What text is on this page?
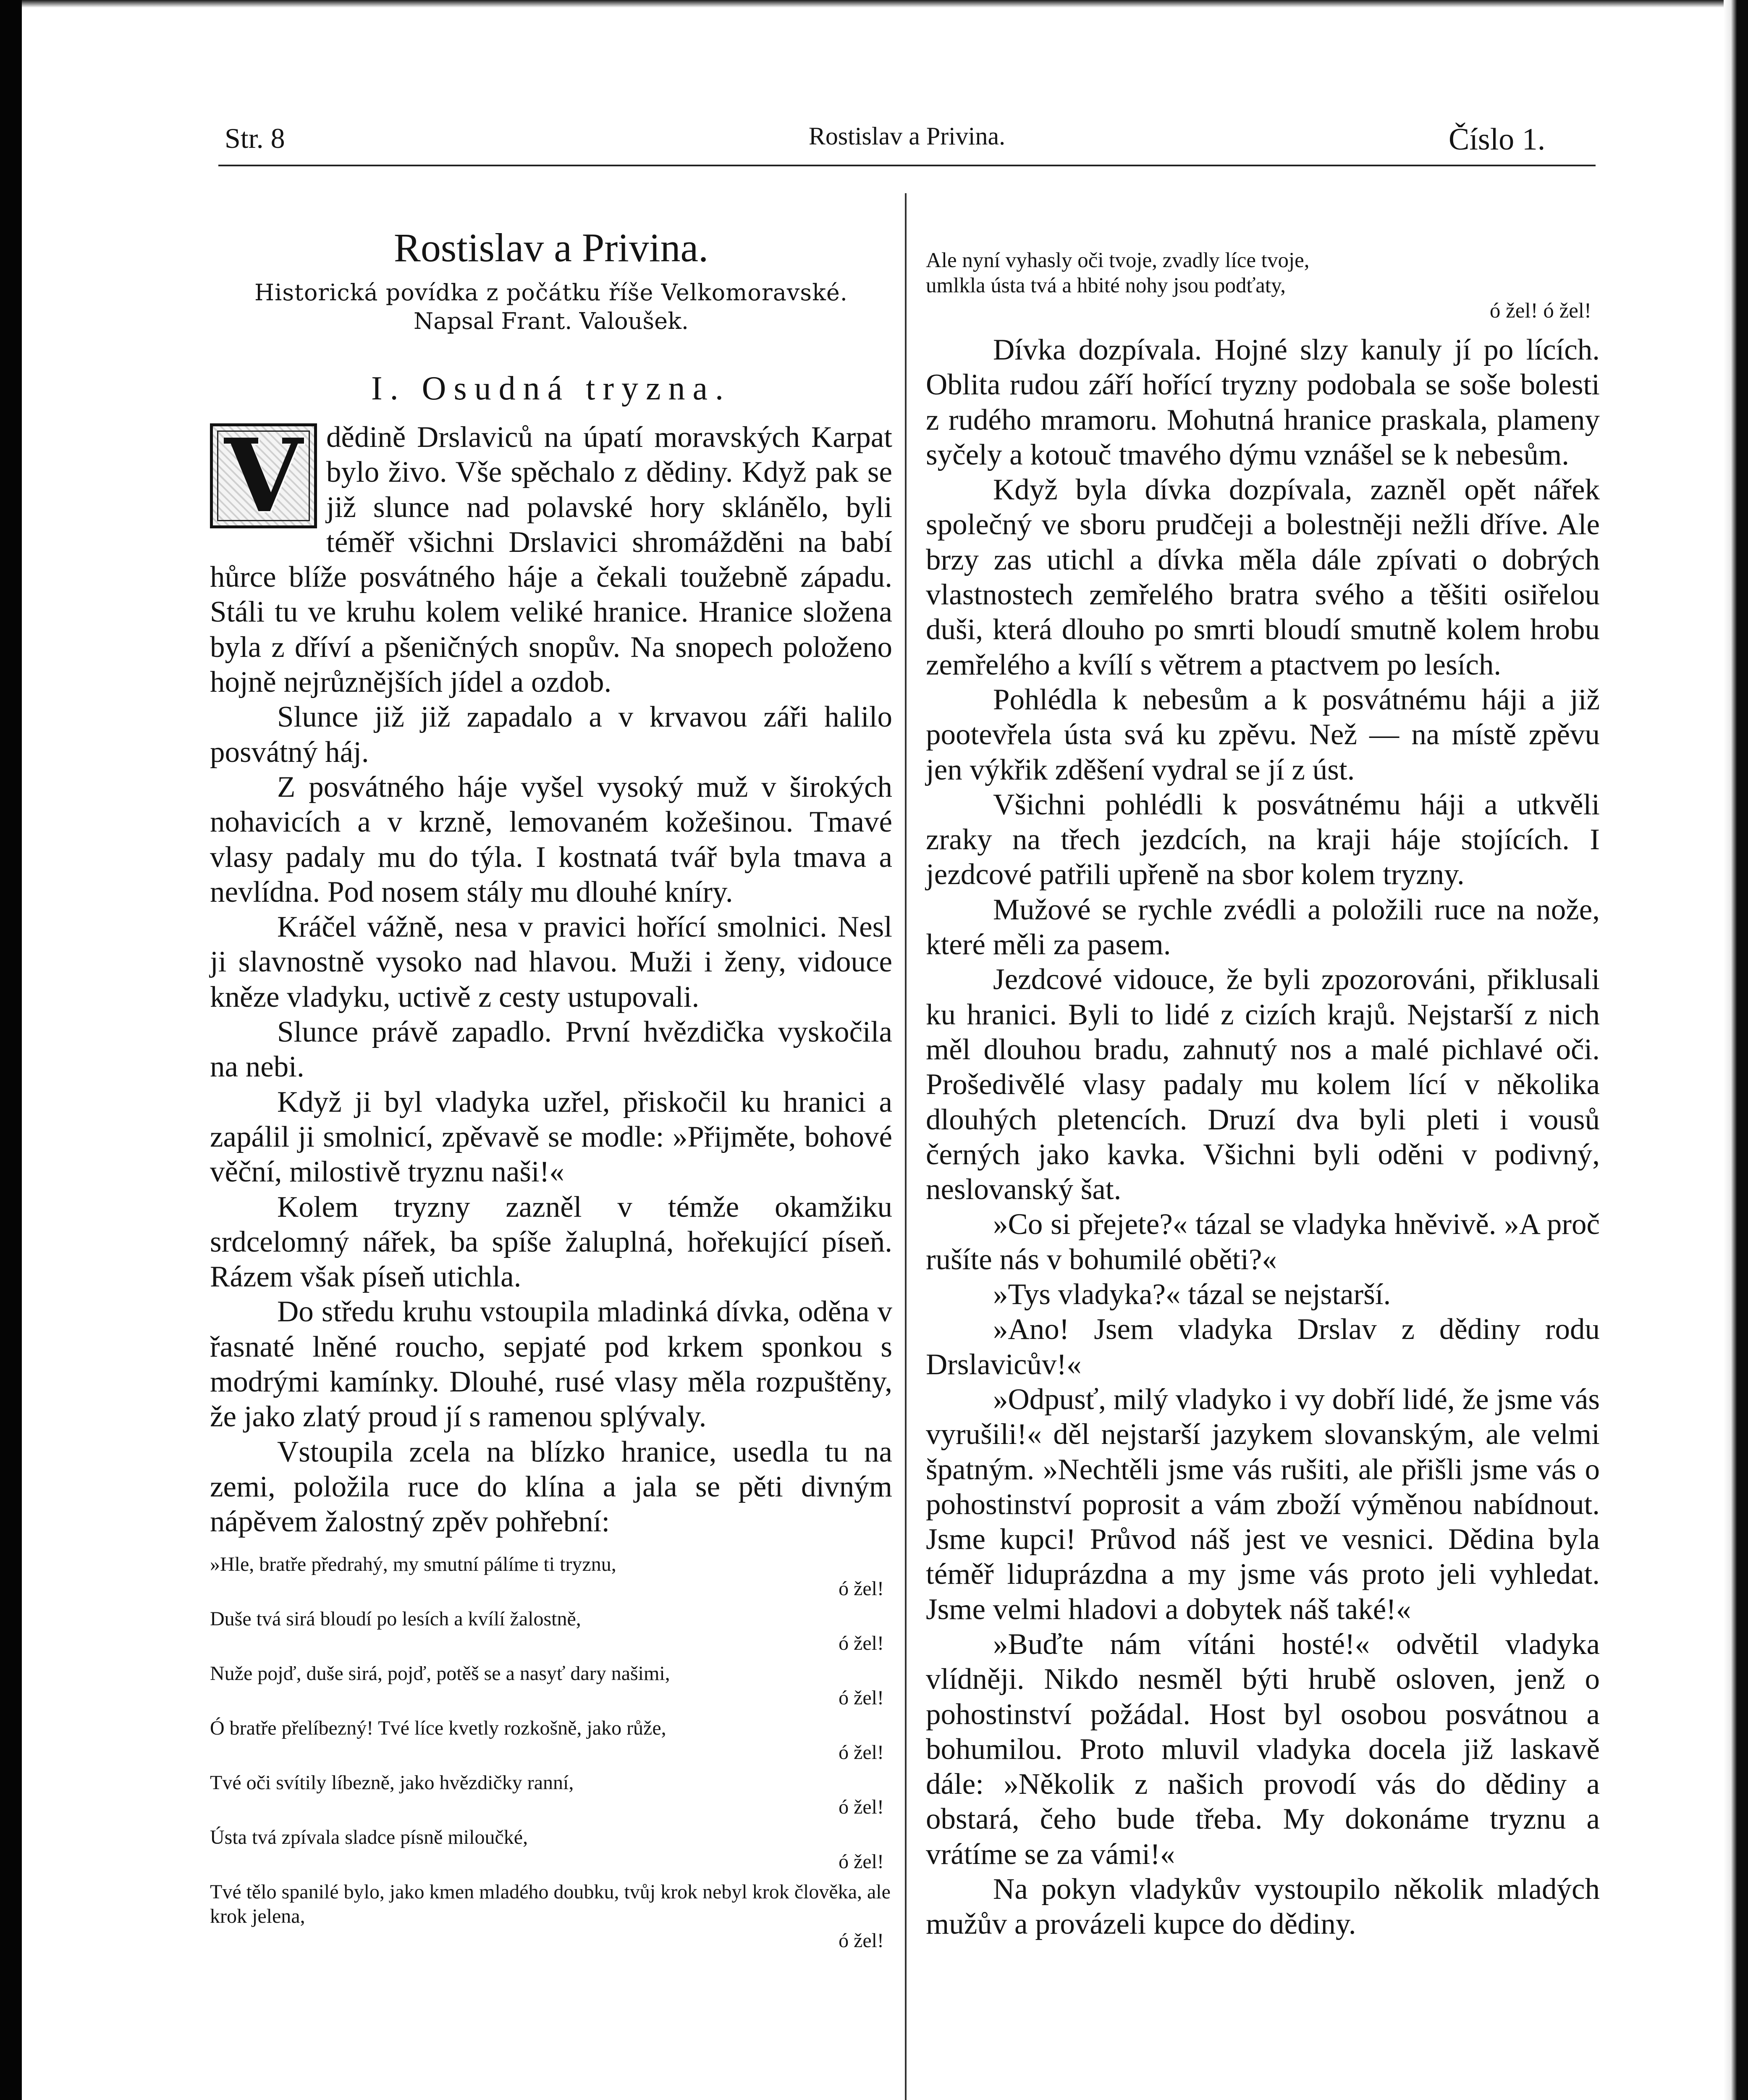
Str. 8	Rostislav a Privina.	Číslo 1.
Rostislav a Privina.
Historická povídka z počátku říše Velkomoravské.
Napsal Frant. Valoušek.
I. Osudná tryzna.

V dědině Drslaviců na úpatí moravských Karpat bylo živo. Vše spěchalo z dědiny. Když pak se již slunce nad polavské hory sklánělo, byli téměř všichni Drslavici shromážděni na babí hůrce blíže posvátného háje a čekali toužebně západu. Stáli tu ve kruhu kolem veliké hranice. Hranice složena byla z dříví a pšeničných snopův. Na snopech položeno hojně nejrůznějších jídel a ozdob.

Slunce již již zapadalo a v krvavou záři halilo posvátný háj.

Z posvátného háje vyšel vysoký muž v širokých nohavicích a v krzně, lemovaném kožešinou. Tmavé vlasy padaly mu do týla. I kostnatá tvář byla tmava a nevlídna. Pod nosem stály mu dlouhé kníry.

Kráčel vážně, nesa v pravici hořící smolnici. Nesl ji slavnostně vysoko nad hlavou. Muži i ženy, vidouce kněze vladyku, uctivě z cesty ustupovali.

Slunce právě zapadlo. První hvězdička vyskočila na nebi.

Když ji byl vladyka uzřel, přiskočil ku hranici a zapálil ji smolnicí, zpěvavě se modle: »Přijměte, bohové věční, milostivě tryznu naši!«

Kolem tryzny zazněl v témže okamžiku srdcelomný nářek, ba spíše žaluplná, hořekující píseň. Rázem však píseň utichla.

Do středu kruhu vstoupila mladinká dívka, oděna v řasnaté lněné roucho, sepjaté pod krkem sponkou s modrými kamínky. Dlouhé, rusé vlasy měla rozpuštěny, že jako zlatý proud jí s ramenou splývaly.

Vstoupila zcela na blízko hranice, usedla tu na zemi, položila ruce do klína a jala se pěti divným nápěvem žalostný zpěv pohřební:

»Hle, bratře předrahý, my smutní pálíme ti tryznu,
ó žel!
Duše tvá sirá bloudí po lesích a kvílí žalostně,
ó žel!
Nuže pojď, duše sirá, pojď, potěš se a nasyť dary našimi,
ó žel!
Ó bratře přelíbezný! Tvé líce kvetly rozkošně, jako růže,
ó žel!
Tvé oči svítily líbezně, jako hvězdičky ranní,
ó žel!
Ústa tvá zpívala sladce písně miloučké,
ó žel!
Tvé tělo spanilé bylo, jako kmen mladého doubku, tvůj krok nebyl krok člověka, ale krok jelena,
ó žel!
Ale nyní vyhasly oči tvoje, zvadly líce tvoje,
umlkla ústa tvá a hbité nohy jsou podťaty,
ó žel! ó žel!

Dívka dozpívala. Hojné slzy kanuly jí po lících. Oblita rudou září hořící tryzny podobala se soše bolesti z rudého mramoru. Mohutná hranice praskala, plameny syčely a kotouč tmavého dýmu vznášel se k nebesům.

Když byla dívka dozpívala, zazněl opět nářek společný ve sboru prudčeji a bolestněji nežli dříve. Ale brzy zas utichl a dívka měla dále zpívati o dobrých vlastnostech zemřelého bratra svého a těšiti osiřelou duši, která dlouho po smrti bloudí smutně kolem hrobu zemřelého a kvílí s větrem a ptactvem po lesích.

Pohlédla k nebesům a k posvátnému háji a již pootevřela ústa svá ku zpěvu. Než — na místě zpěvu jen výkřik zděšení vydral se jí z úst.

Všichni pohlédli k posvátnému háji a utkvěli zraky na třech jezdcích, na kraji háje stojících. I jezdcové patřili upřeně na sbor kolem tryzny.

Mužové se rychle zvédli a položili ruce na nože, které měli za pasem.

Jezdcové vidouce, že byli zpozorováni, přiklusali ku hranici. Byli to lidé z cizích krajů. Nejstarší z nich měl dlouhou bradu, zahnutý nos a malé pichlavé oči. Prošedivělé vlasy padaly mu kolem lící v několika dlouhých pletencích. Druzí dva byli pleti i vousů černých jako kavka. Všichni byli oděni v podivný, neslovanský šat.

»Co si přejete?« tázal se vladyka hněvivě. »A proč rušíte nás v bohumilé oběti?«

»Tys vladyka?« tázal se nejstarší.

»Ano! Jsem vladyka Drslav z dědiny rodu Drslavicův!«

»Odpusť, milý vladyko i vy dobří lidé, že jsme vás vyrušili!« děl nejstarší jazykem slovanským, ale velmi špatným. »Nechtěli jsme vás rušiti, ale přišli jsme vás o pohostinství poprosit a vám zboží výměnou nabídnout. Jsme kupci! Průvod náš jest ve vesnici. Dědina byla téměř liduprázdna a my jsme vás proto jeli vyhledat. Jsme velmi hladovi a dobytek náš také!«

»Buďte nám vítáni hosté!« odvětil vladyka vlídněji. Nikdo nesměl býti hrubě osloven, jenž o pohostinství požádal. Host byl osobou posvátnou a bohumilou. Proto mluvil vladyka docela již laskavě dále: »Několik z našich provodí vás do dědiny a obstará, čeho bude třeba. My dokonáme tryznu a vrátíme se za vámi!«

Na pokyn vladykův vystoupilo několik mladých mužův a provázeli kupce do dědiny.
